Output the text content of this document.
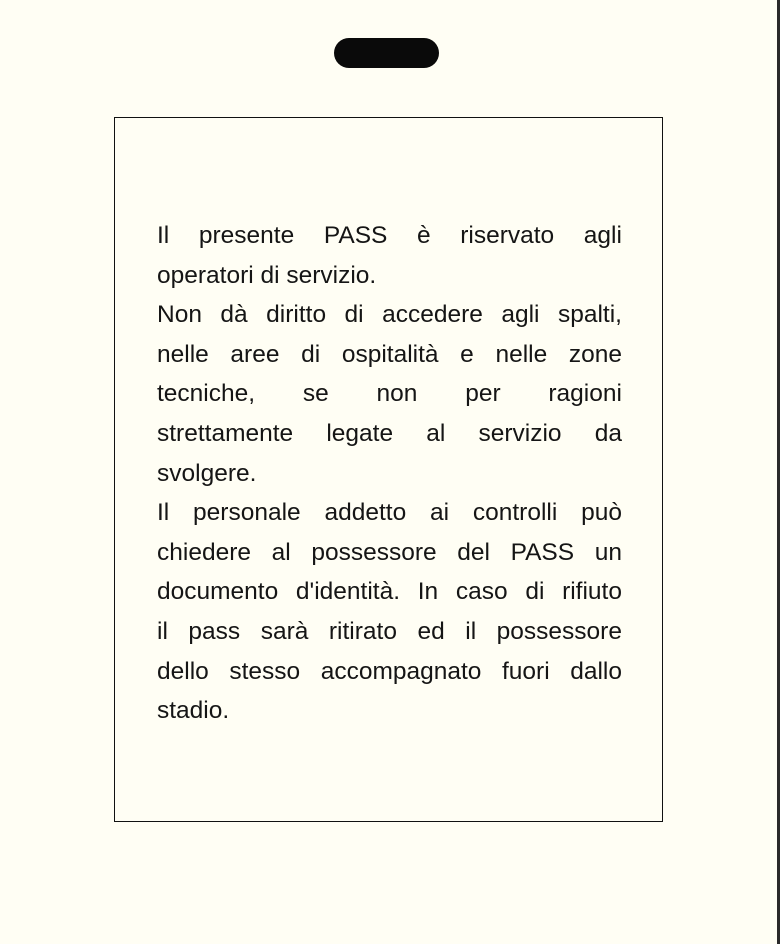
Il presente PASS è riservato agli
operatori di servizio.
Non dà diritto di accedere agli spalti,
nelle aree di ospitalità e nelle zone
tecniche, se non per ragioni
strettamente legate al servizio da
svolgere.
Il personale addetto ai controlli può
chiedere al possessore del PASS un
documento d'identità. In caso di rifiuto
il pass sarà ritirato ed il possessore
dello stesso accompagnato fuori dallo
stadio.
